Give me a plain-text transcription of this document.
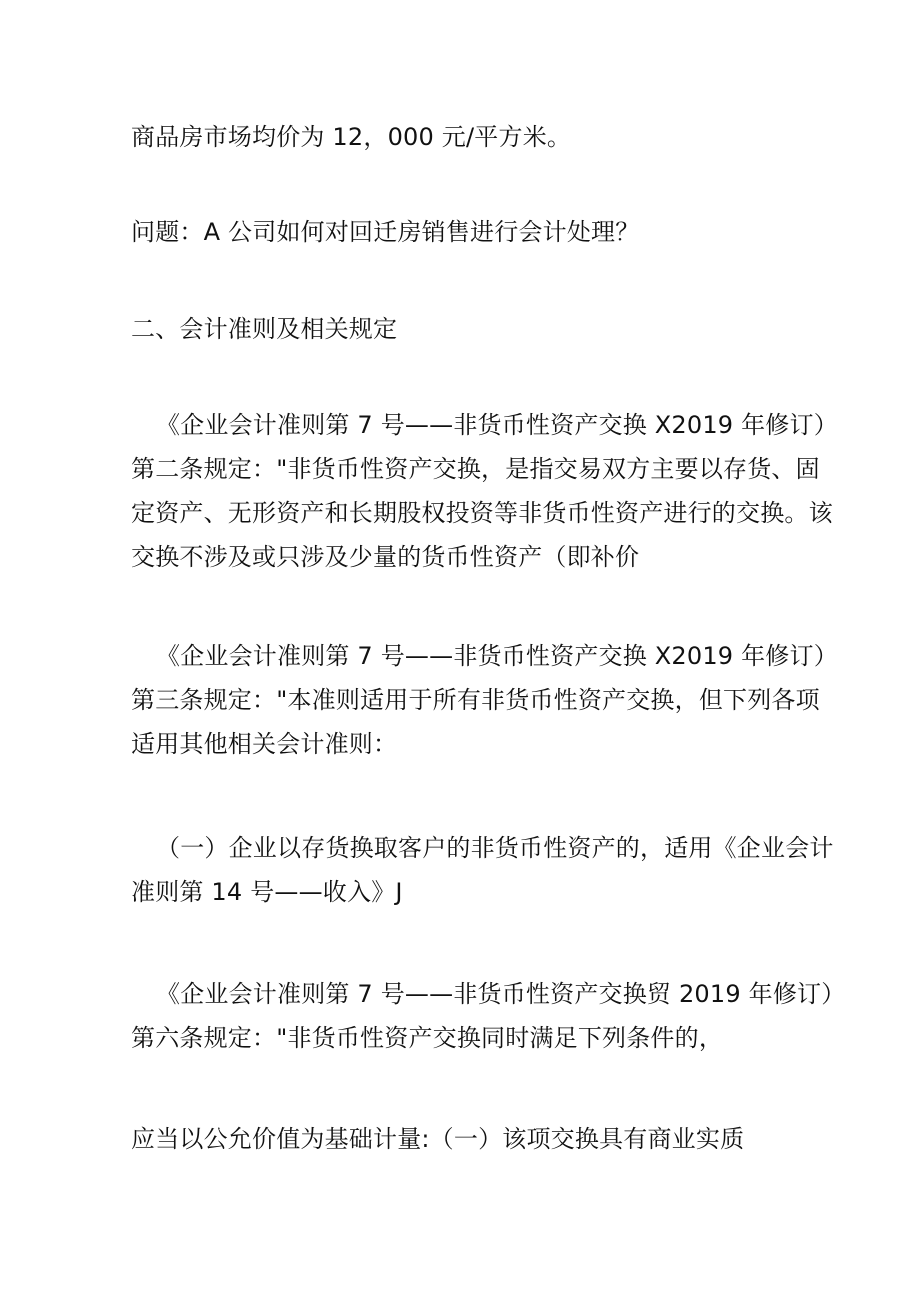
商品房市场均价为 12，000 元/平方米。

问题：A 公司如何对回迁房销售进行会计处理？

二、会计准则及相关规定

《企业会计准则第 7 号——非货币性资产交换 X2019 年修订）
第二条规定："非货币性资产交换，是指交易双方主要以存货、固
定资产、无形资产和长期股权投资等非货币性资产进行的交换。该
交换不涉及或只涉及少量的货币性资产（即补价

《企业会计准则第 7 号——非货币性资产交换 X2019 年修订）
第三条规定："本准则适用于所有非货币性资产交换，但下列各项
适用其他相关会计准则：

（一）企业以存货换取客户的非货币性资产的，适用《企业会计
准则第 14 号——收入》J

《企业会计准则第 7 号——非货币性资产交换贸 2019 年修订）
第六条规定："非货币性资产交换同时满足下列条件的，

应当以公允价值为基础计量:（一）该项交换具有商业实质
